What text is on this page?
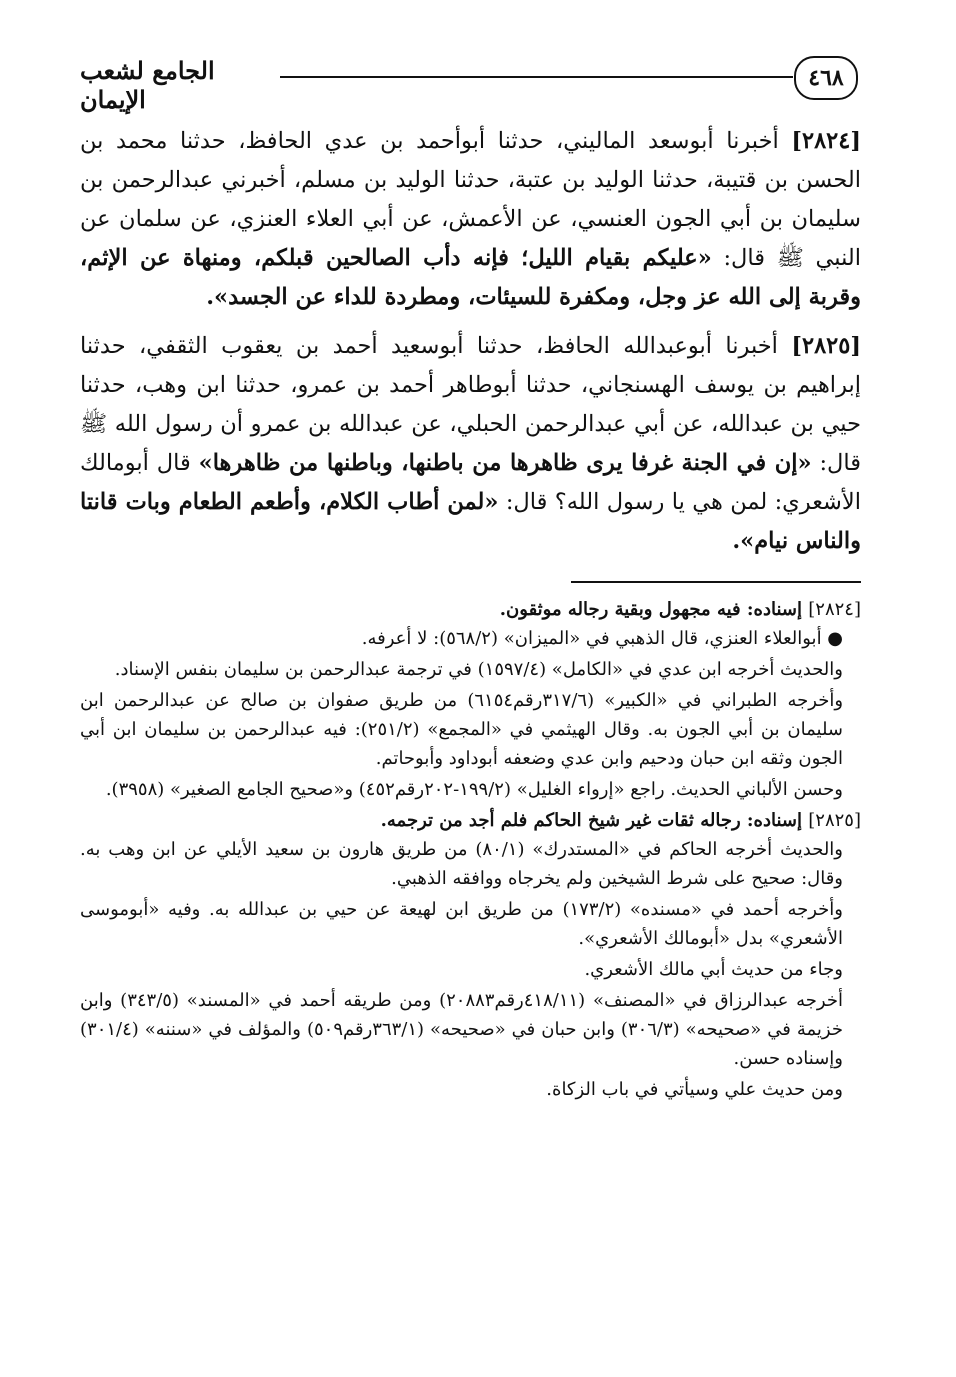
٤٦٨
الجامع لشعب الإيمان

[٢٨٢٤] أخبرنا أبوسعد الماليني، حدثنا أبوأحمد بن عدي الحافظ، حدثنا محمد بن الحسن بن قتيبة، حدثنا الوليد بن عتبة، حدثنا الوليد بن مسلم، أخبرني عبدالرحمن بن سليمان بن أبي الجون العنسي، عن الأعمش، عن أبي العلاء العنزي، عن سلمان عن النبي ﷺ قال: «عليكم بقيام الليل؛ فإنه دأب الصالحين قبلكم، ومنهاة عن الإثم، وقربة إلى الله عز وجل، ومكفرة للسيئات، ومطردة للداء عن الجسد».

[٢٨٢٥] أخبرنا أبوعبدالله الحافظ، حدثنا أبوسعيد أحمد بن يعقوب الثقفي، حدثنا إبراهيم بن يوسف الهسنجاني، حدثنا أبوطاهر أحمد بن عمرو، حدثنا ابن وهب، حدثنا حيي بن عبدالله، عن أبي عبدالرحمن الحبلي، عن عبدالله بن عمرو أن رسول الله ﷺ قال: «إن في الجنة غرفا يرى ظاهرها من باطنها، وباطنها من ظاهرها» قال أبومالك الأشعري: لمن هي يا رسول الله؟ قال: «لمن أطاب الكلام، وأطعم الطعام وبات قانتا والناس نيام».

[٢٨٢٤] إسناده: فيه مجهول وبقية رجاله موثقون.

● أبوالعلاء العنزي، قال الذهبي في «الميزان» (٥٦٨/٢): لا أعرفه.

والحديث أخرجه ابن عدي في «الكامل» (١٥٩٧/٤) في ترجمة عبدالرحمن بن سليمان بنفس الإسناد.

وأخرجه الطبراني في «الكبير» (٣١٧/٦رقم٦١٥٤) من طريق صفوان بن صالح عن عبدالرحمن ابن سليمان بن أبي الجون به. وقال الهيثمي في «المجمع» (٢٥١/٢): فيه عبدالرحمن بن سليمان ابن أبي الجون وثقه ابن حبان ودحيم وابن عدي وضعفه أبوداود وأبوحاتم.

وحسن الألباني الحديث. راجع «إرواء الغليل» (١٩٩/٢-٢٠٢رقم٤٥٢) و«صحيح الجامع الصغير» (٣٩٥٨).

[٢٨٢٥] إسناده: رجاله ثقات غير شيخ الحاكم فلم أجد من ترجمه.

والحديث أخرجه الحاكم في «المستدرك» (٨٠/١) من طريق هارون بن سعيد الأيلي عن ابن وهب به. وقال: صحيح على شرط الشيخين ولم يخرجاه ووافقه الذهبي.

وأخرجه أحمد في «مسنده» (١٧٣/٢) من طريق ابن لهيعة عن حيي بن عبدالله به. وفيه «أبوموسى الأشعري» بدل «أبومالك الأشعري».

وجاء من حديث أبي مالك الأشعري.

أخرجه عبدالرزاق في «المصنف» (٤١٨/١١رقم٢٠٨٨٣) ومن طريقه أحمد في «المسند» (٣٤٣/٥) وابن خزيمة في «صحيحه» (٣٠٦/٣) وابن حبان في «صحيحه» (٣٦٣/١رقم٥٠٩) والمؤلف في «سننه» (٣٠١/٤) وإسناده حسن.

ومن حديث علي وسيأتي في باب الزكاة.
